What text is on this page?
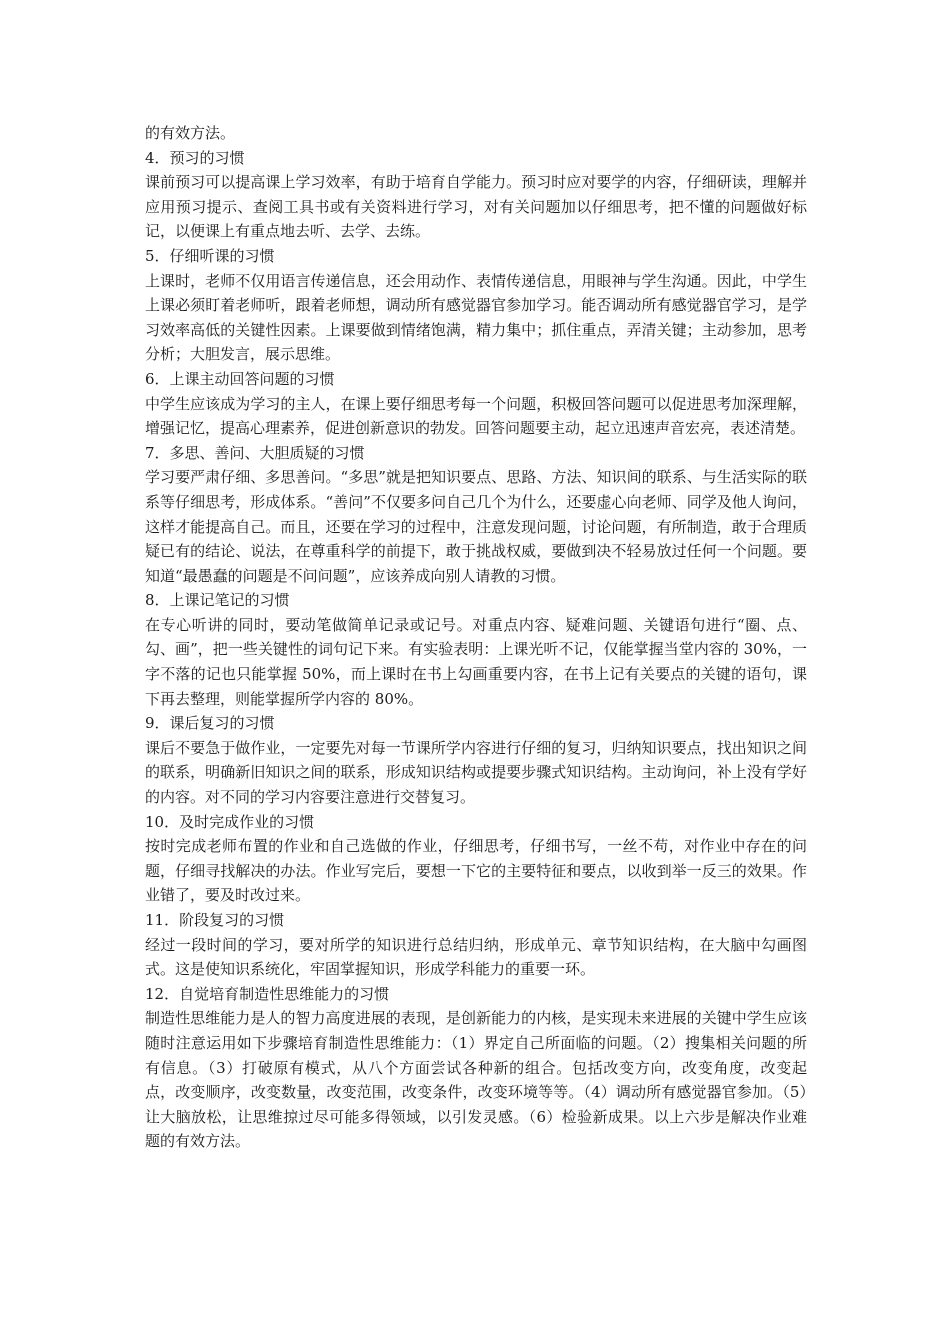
的有效方法。

4．预习的习惯

课前预习可以提高课上学习效率，有助于培育自学能力。预习时应对要学的内容，仔细研读，理解并应用预习提示、查阅工具书或有关资料进行学习，对有关问题加以仔细思考，把不懂的问题做好标记，以便课上有重点地去听、去学、去练。

5．仔细听课的习惯

上课时，老师不仅用语言传递信息，还会用动作、表情传递信息，用眼神与学生沟通。因此，中学生上课必须盯着老师听，跟着老师想，调动所有感觉器官参加学习。能否调动所有感觉器官学习，是学习效率高低的关键性因素。上课要做到情绪饱满，精力集中；抓住重点，弄清关键；主动参加，思考分析；大胆发言，展示思维。

6．上课主动回答问题的习惯

中学生应该成为学习的主人，在课上要仔细思考每一个问题，积极回答问题可以促进思考加深理解，增强记忆，提高心理素养，促进创新意识的勃发。回答问题要主动，起立迅速声音宏亮，表述清楚。

7．多思、善问、大胆质疑的习惯

学习要严肃仔细、多思善问。“多思”就是把知识要点、思路、方法、知识间的联系、与生活实际的联系等仔细思考，形成体系。“善问”不仅要多问自己几个为什么，还要虚心向老师、同学及他人询问，这样才能提高自己。而且，还要在学习的过程中，注意发现问题，讨论问题，有所制造，敢于合理质疑已有的结论、说法，在尊重科学的前提下，敢于挑战权威，要做到决不轻易放过任何一个问题。要知道“最愚蠢的问题是不问问题”，应该养成向别人请教的习惯。

8．上课记笔记的习惯

在专心听讲的同时，要动笔做简单记录或记号。对重点内容、疑难问题、关键语句进行“圈、点、勾、画”，把一些关键性的词句记下来。有实验表明：上课光听不记，仅能掌握当堂内容的 30%，一字不落的记也只能掌握 50%，而上课时在书上勾画重要内容，在书上记有关要点的关键的语句，课下再去整理，则能掌握所学内容的 80%。

9．课后复习的习惯

课后不要急于做作业，一定要先对每一节课所学内容进行仔细的复习，归纳知识要点，找出知识之间的联系，明确新旧知识之间的联系，形成知识结构或提要步骤式知识结构。主动询问，补上没有学好的内容。对不同的学习内容要注意进行交替复习。

10．及时完成作业的习惯

按时完成老师布置的作业和自己选做的作业，仔细思考，仔细书写，一丝不苟，对作业中存在的问题，仔细寻找解决的办法。作业写完后，要想一下它的主要特征和要点，以收到举一反三的效果。作业错了，要及时改过来。

11．阶段复习的习惯

经过一段时间的学习，要对所学的知识进行总结归纳，形成单元、章节知识结构，在大脑中勾画图式。这是使知识系统化，牢固掌握知识，形成学科能力的重要一环。

12．自觉培育制造性思维能力的习惯

制造性思维能力是人的智力高度进展的表现，是创新能力的内核，是实现未来进展的关键中学生应该随时注意运用如下步骤培育制造性思维能力：（1）界定自己所面临的问题。（2）搜集相关问题的所有信息。（3）打破原有模式，从八个方面尝试各种新的组合。包括改变方向，改变角度，改变起点，改变顺序，改变数量，改变范围，改变条件，改变环境等等。（4）调动所有感觉器官参加。（5）让大脑放松，让思维掠过尽可能多得领域，以引发灵感。（6）检验新成果。以上六步是解决作业难题的有效方法。
